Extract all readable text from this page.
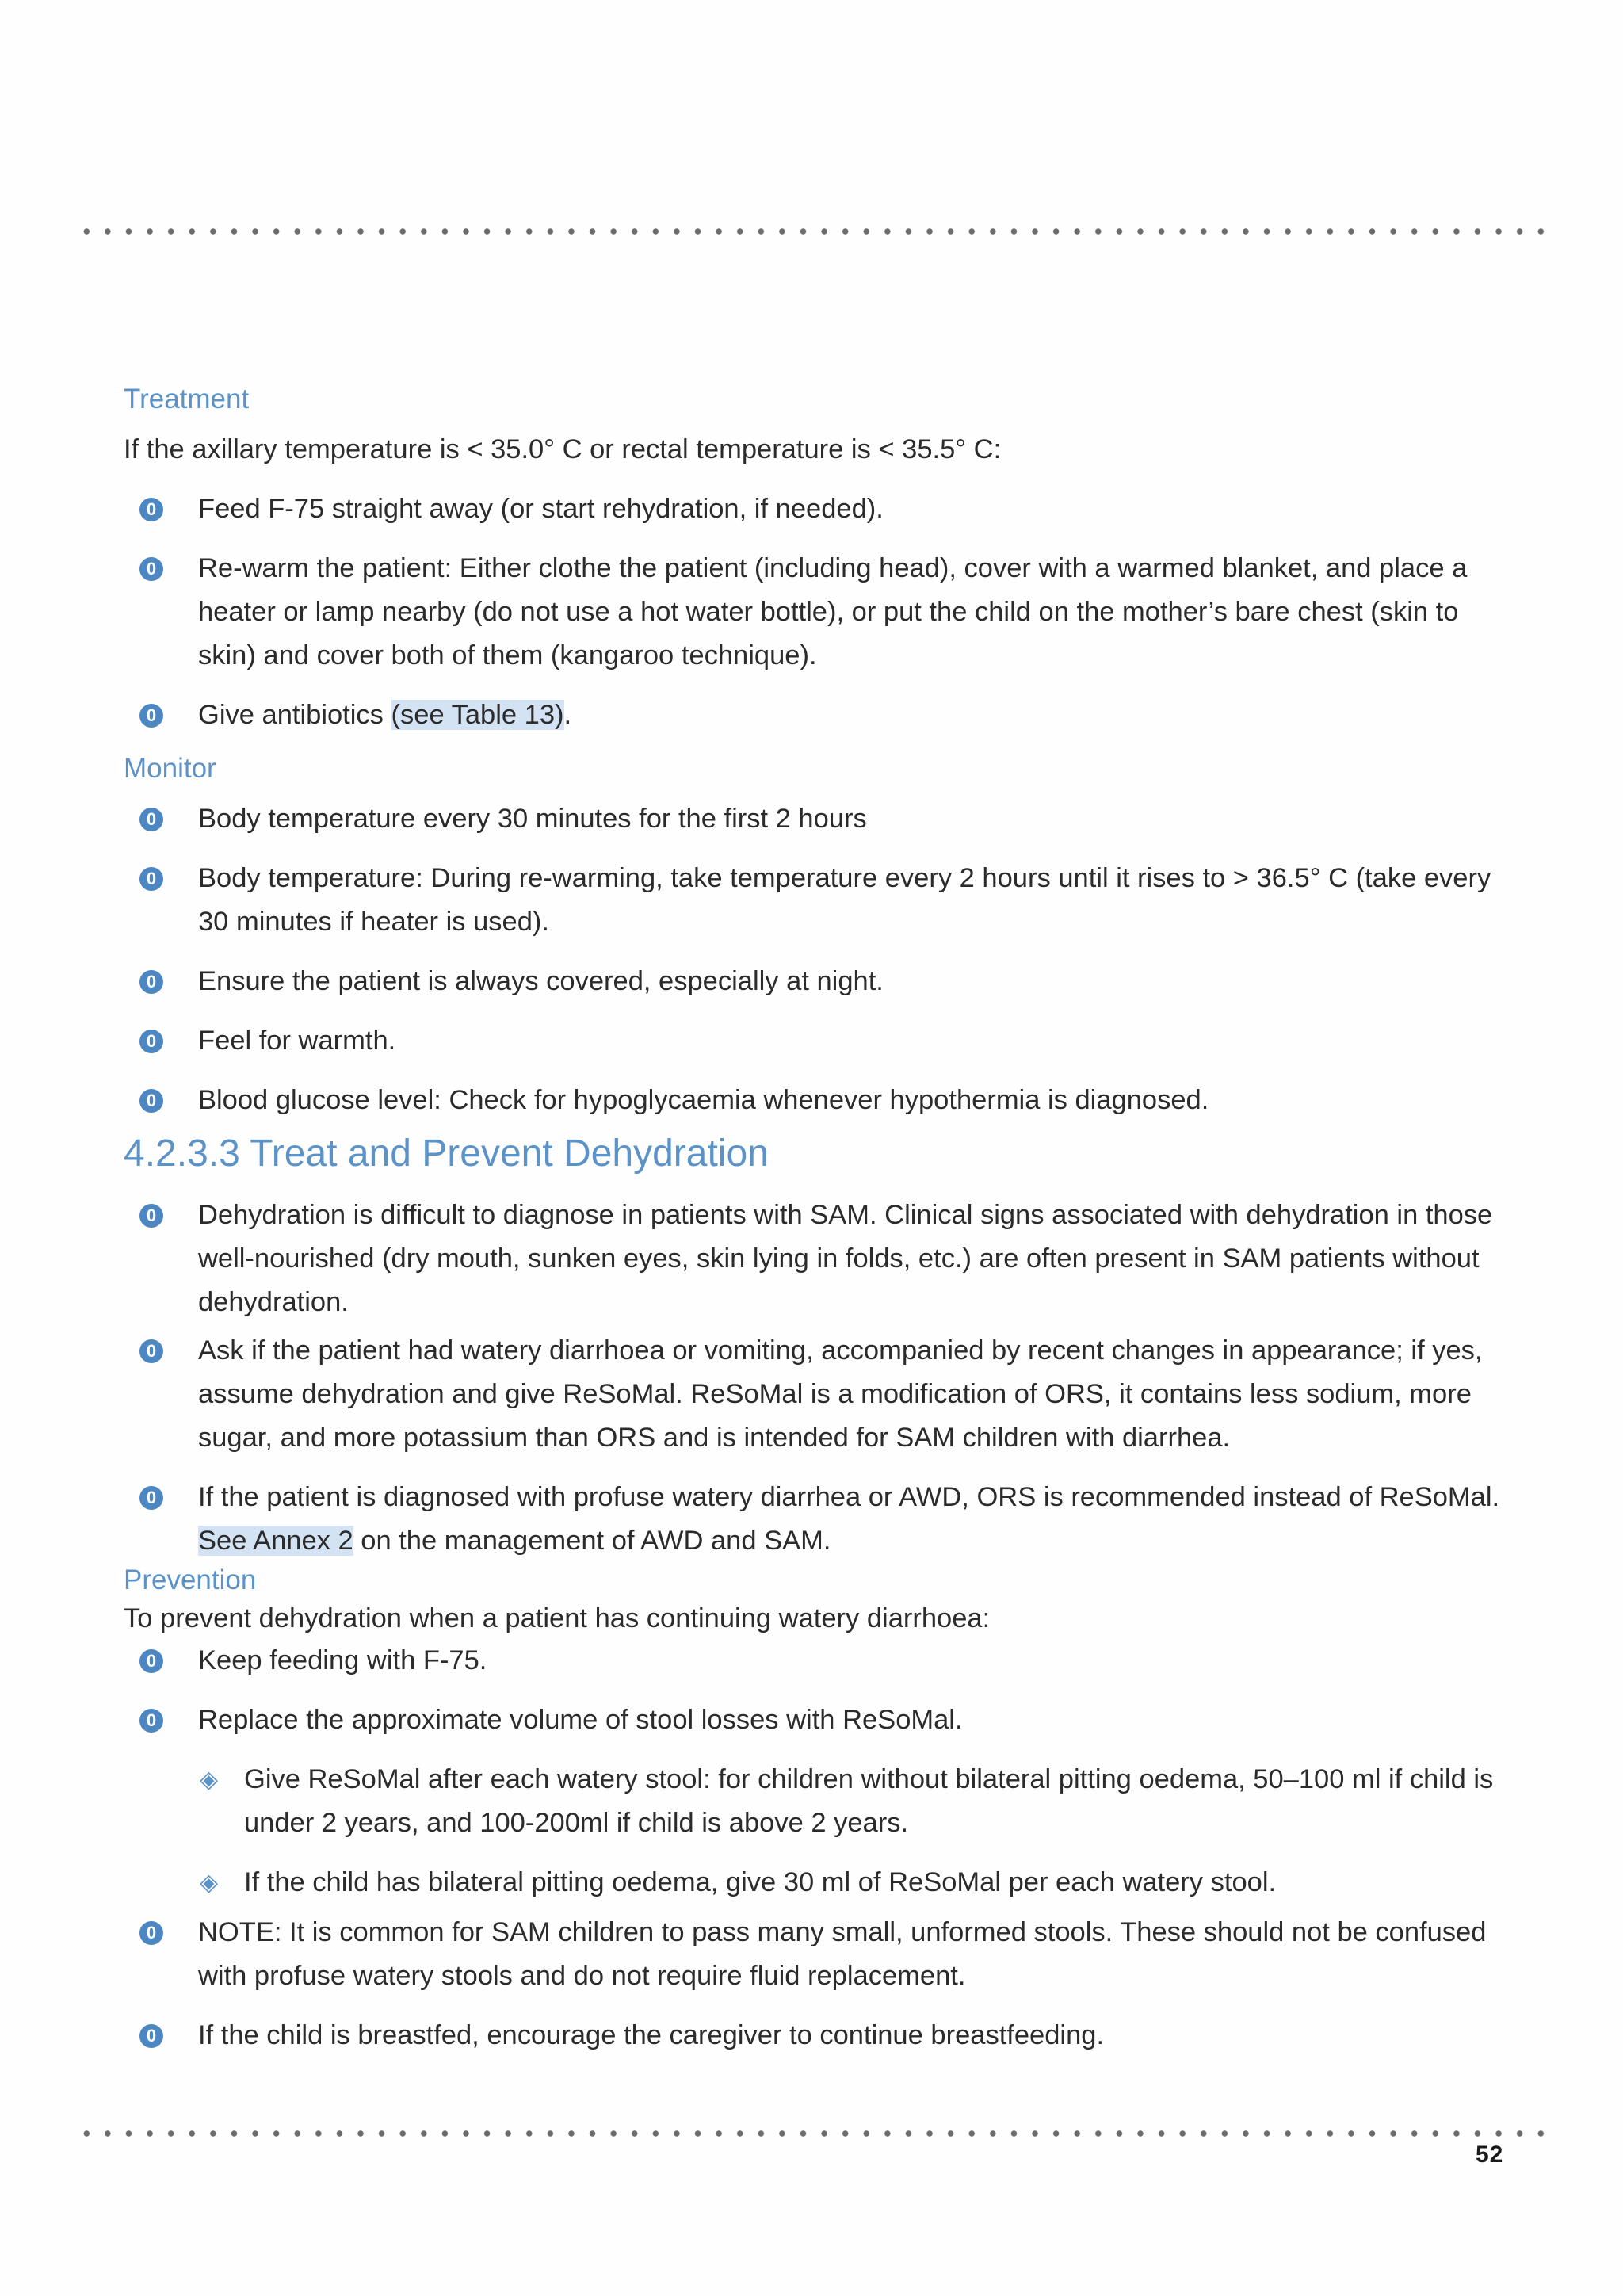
Treatment

If the axillary temperature is < 35.0° C or rectal temperature is < 35.5° C:

0 Feed F-75 straight away (or start rehydration, if needed).
0 Re-warm the patient: Either clothe the patient (including head), cover with a warmed blanket, and place a heater or lamp nearby (do not use a hot water bottle), or put the child on the mother’s bare chest (skin to skin) and cover both of them (kangaroo technique).
0 Give antibiotics (see Table 13).

Monitor

0 Body temperature every 30 minutes for the first 2 hours
0 Body temperature: During re-warming, take temperature every 2 hours until it rises to > 36.5° C (take every 30 minutes if heater is used).
0 Ensure the patient is always covered, especially at night.
0 Feel for warmth.
0 Blood glucose level: Check for hypoglycaemia whenever hypothermia is diagnosed.
4.2.3.3 Treat and Prevent Dehydration
0 Dehydration is difficult to diagnose in patients with SAM. Clinical signs associated with dehydration in those well-nourished (dry mouth, sunken eyes, skin lying in folds, etc.) are often present in SAM patients without dehydration.
0 Ask if the patient had watery diarrhoea or vomiting, accompanied by recent changes in appearance; if yes, assume dehydration and give ReSoMal. ReSoMal is a modification of ORS, it contains less sodium, more sugar, and more potassium than ORS and is intended for SAM children with diarrhea.
0 If the patient is diagnosed with profuse watery diarrhea or AWD, ORS is recommended instead of ReSoMal. See Annex 2 on the management of AWD and SAM.

Prevention

To prevent dehydration when a patient has continuing watery diarrhoea:

0 Keep feeding with F-75.
0 Replace the approximate volume of stool losses with ReSoMal.
◈ Give ReSoMal after each watery stool: for children without bilateral pitting oedema, 50–100 ml if child is under 2 years, and 100-200ml if child is above 2 years.
◈ If the child has bilateral pitting oedema, give 30 ml of ReSoMal per each watery stool.
0 NOTE: It is common for SAM children to pass many small, unformed stools. These should not be confused with profuse watery stools and do not require fluid replacement.
0 If the child is breastfed, encourage the caregiver to continue breastfeeding.
52
